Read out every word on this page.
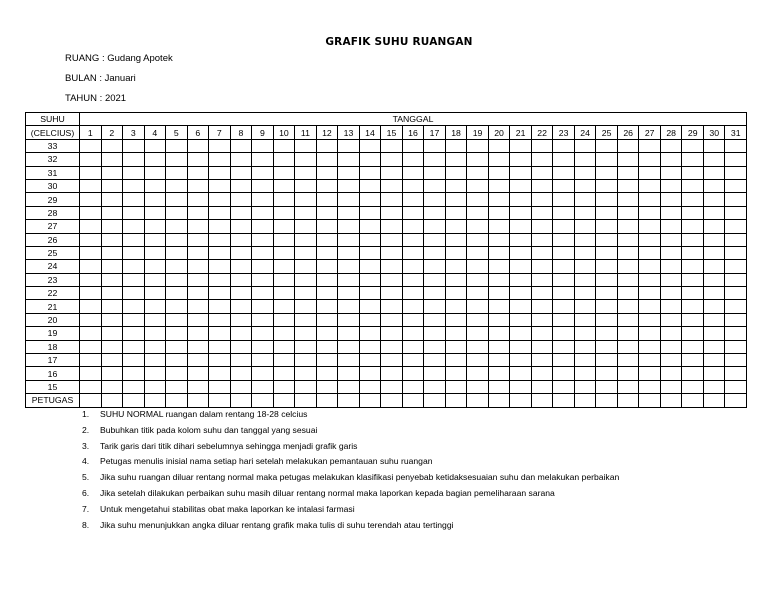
GRAFIK SUHU RUANGAN
RUANG : Gudang Apotek
BULAN : Januari
TAHUN : 2021
SUHU	TANGGAL																														
(CELCIUS)	1	2	3	4	5	6	7	8	9	10	11	12	13	14	15	16	17	18	19	20	21	22	23	24	25	26	27	28	29	30	31
33																															
32																															
31																															
30																															
29																															
28																															
27																															
26																															
25																															
24																															
23																															
22																															
21																															
20																															
19																															
18																															
17																															
16																															
15																															
PETUGAS																															
1.	SUHU NORMAL ruangan dalam rentang 18-28 celcius
2.	Bubuhkan titik pada kolom suhu dan tanggal yang sesuai
3.	Tarik garis dari titik dihari sebelumnya sehingga menjadi grafik garis
4.	Petugas menulis inisial nama setiap hari setelah melakukan pemantauan suhu ruangan
5.	Jika suhu ruangan diluar rentang normal maka petugas melakukan klasifikasi penyebab ketidaksesuaian suhu dan melakukan perbaikan
6.	Jika setelah dilakukan perbaikan suhu masih diluar rentang normal maka laporkan kepada bagian pemeliharaan sarana
7.	Untuk mengetahui stabilitas obat maka laporkan ke intalasi farmasi
8.	Jika suhu menunjukkan angka diluar rentang grafik maka tulis di suhu terendah atau tertinggi
